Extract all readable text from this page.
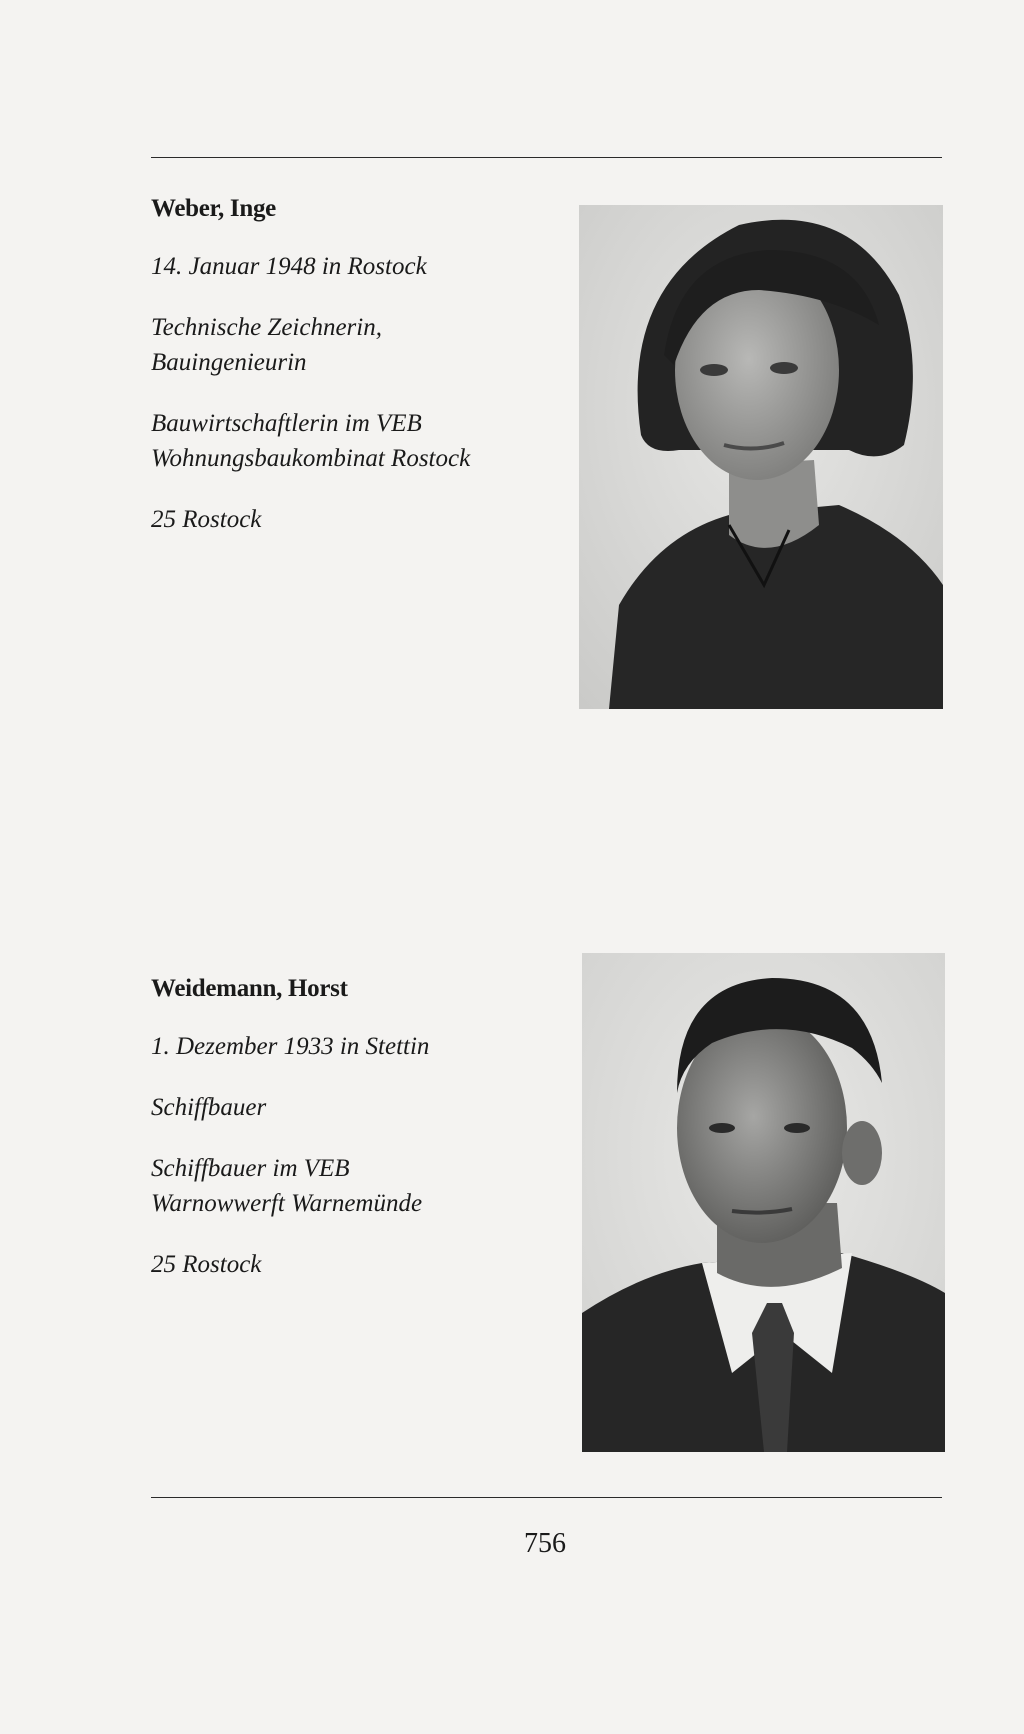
Weber, Inge
14. Januar 1948 in Rostock
Technische Zeichnerin,
Bauingenieurin
Bauwirtschaftlerin im VEB
Wohnungsbaukombinat Rostock
25 Rostock
Weidemann, Horst
1. Dezember 1933 in Stettin
Schiffbauer
Schiffbauer im VEB
Warnowwerft Warnemünde
25 Rostock
756
